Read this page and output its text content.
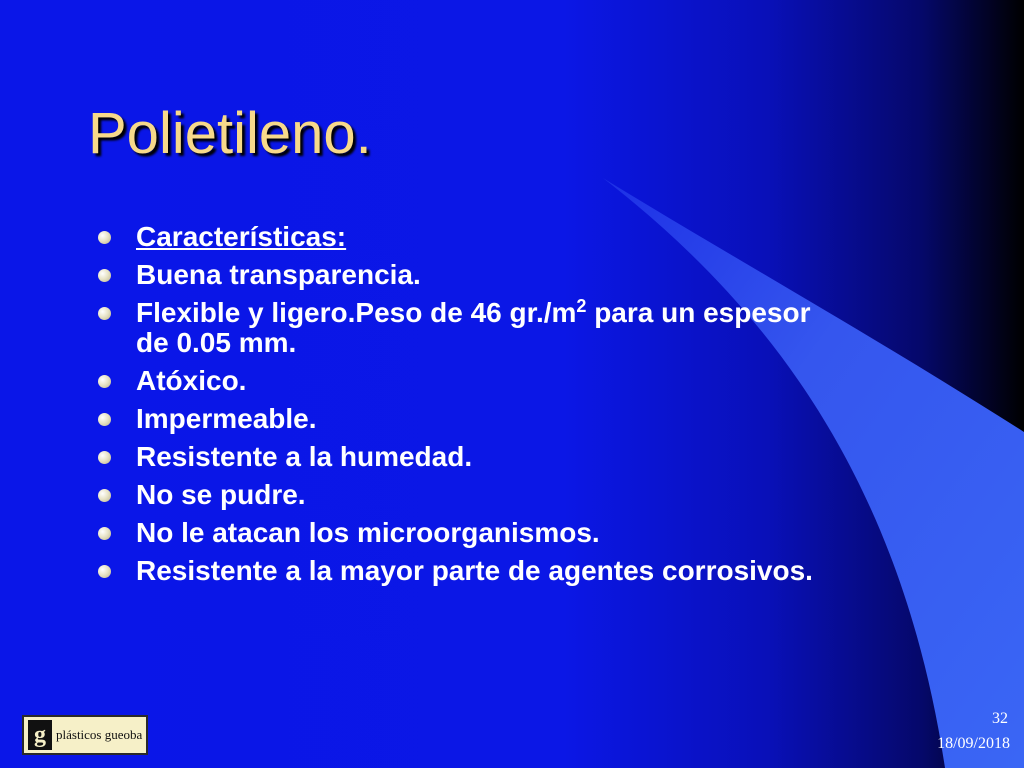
Polietileno.
Características:
Buena transparencia.
Flexible y ligero.Peso de 46 $gr./m^2$ para un espesor de 0.05 mm.
Atóxico.
Impermeable.
Resistente a la humedad.
No se pudre.
No le atacan los microorganismos.
Resistente a la mayor parte de agentes corrosivos.
g plásticos gueoba
32
18/09/2018
